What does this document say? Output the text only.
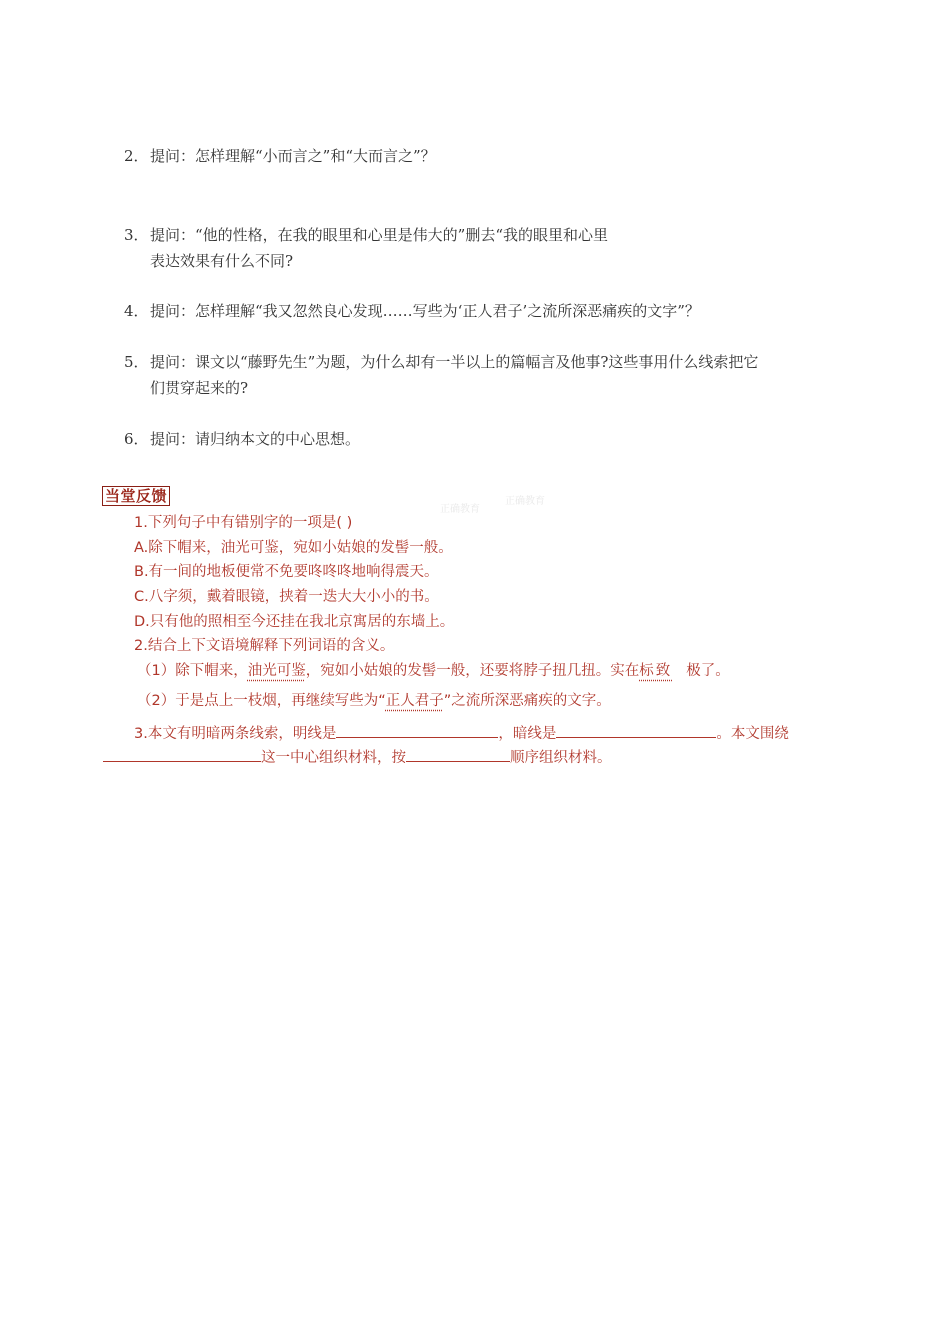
2．提问：怎样理解“小而言之”和“大而言之”？
3．提问：“他的性格，在我的眼里和心里是伟大的”删去“我的眼里和心里
表达效果有什么不同?
4．提问：怎样理解“我又忽然良心发现……写些为‘正人君子’之流所深恶痛疾的文字”？
5．提问：课文以“藤野先生”为题，为什么却有一半以上的篇幅言及他事?这些事用什么线索把它
们贯穿起来的?
6．提问：请归纳本文的中心思想。
正确教育
正确教育
当堂反馈
1.下列句子中有错别字的一项是( )
A.除下帽来，油光可鉴，宛如小姑娘的发髻一般。
B.有一间的地板便常不免要咚咚咚地响得震天。
C.八字须，戴着眼镜，挟着一迭大大小小的书。
D.只有他的照相至今还挂在我北京寓居的东墙上。
2.结合上下文语境解释下列词语的含义。
（1）除下帽来，油光可鉴，宛如小姑娘的发髻一般，还要将脖子扭几扭。实在标致 极了。
（2）于是点上一枝烟，再继续写些为“正人君子”之流所深恶痛疾的文字。
3.本文有明暗两条线索，明线是	，暗线是	。本文围绕
这一中心组织材料，按	顺序组织材料。
